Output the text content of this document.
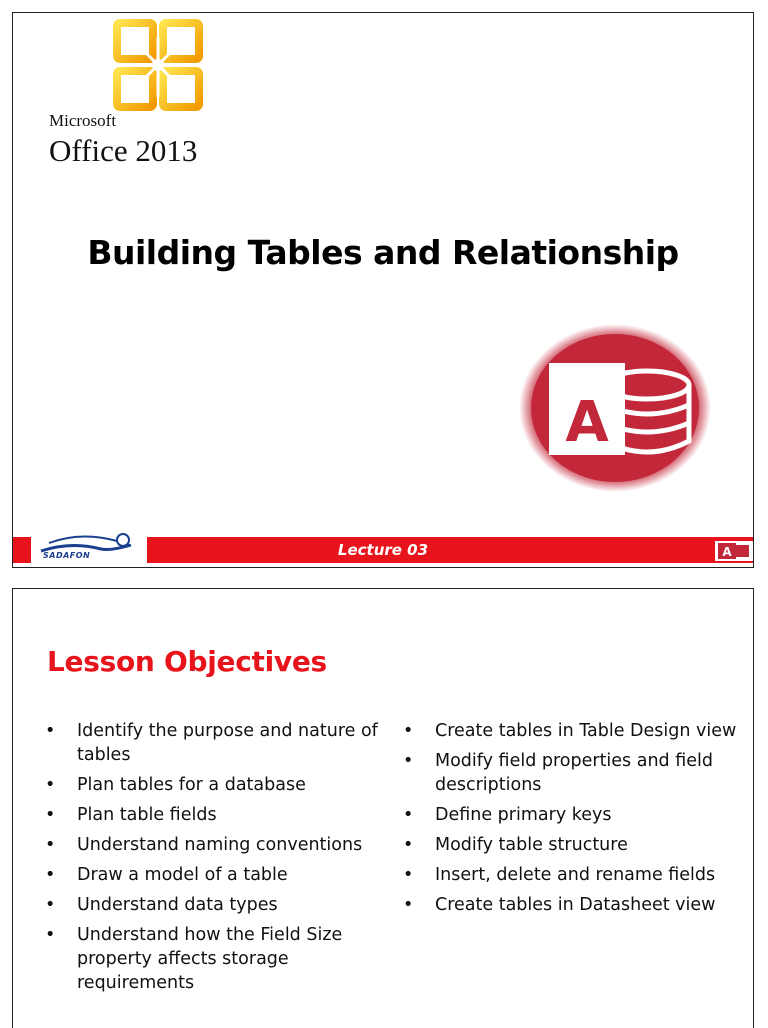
Microsoft
Office 2013
Building Tables and Relationship
A
SADAFON	Lecture 03	A
Lesson Objectives
• Identify the purpose and nature of tables
• Plan tables for a database
• Plan table fields
• Understand naming conventions
• Draw a model of a table
• Understand data types
• Understand how the Field Size property affects storage requirements
• Create tables in Table Design view
• Modify field properties and field descriptions
• Define primary keys
• Modify table structure
• Insert, delete and rename fields
• Create tables in Datasheet view
